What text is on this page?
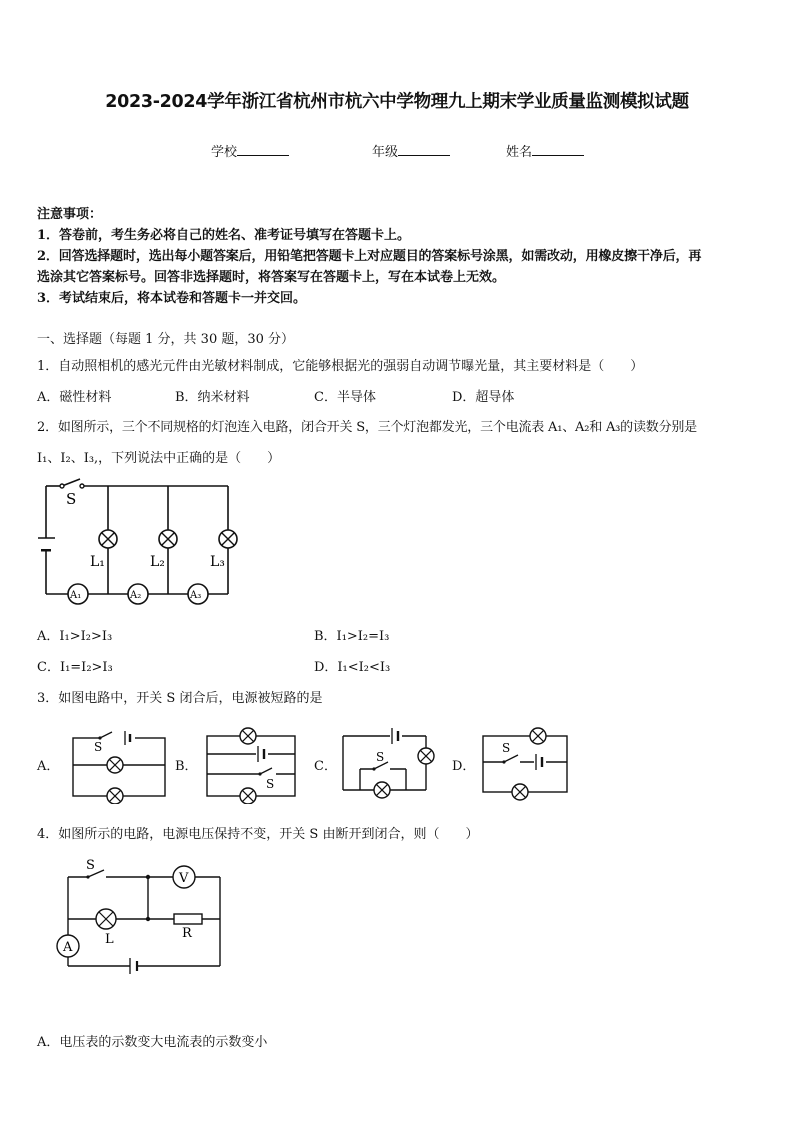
2023-2024学年浙江省杭州市杭六中学物理九上期末学业质量监测模拟试题
学校	年级	姓名
注意事项：
1．答卷前，考生务必将自己的姓名、准考证号填写在答题卡上。
2．回答选择题时，选出每小题答案后，用铅笔把答题卡上对应题目的答案标号涂黑，如需改动，用橡皮擦干净后，再
选涂其它答案标号。回答非选择题时，将答案写在答题卡上，写在本试卷上无效。
3．考试结束后，将本试卷和答题卡一并交回。
一、选择题（每题 1 分，共 30 题，30 分）
1．自动照相机的感光元件由光敏材料制成，它能够根据光的强弱自动调节曝光量，其主要材料是（　　）
A．磁性材料	B．纳米材料	C．半导体	D．超导体
2．如图所示，三个不同规格的灯泡连入电路，闭合开关 S，三个灯泡都发光，三个电流表 A₁、A₂和 A₃的读数分别是
I₁、I₂、I₃,，下列说法中正确的是（　　）
S
L₁	L₂	L₃
A₁	A₂	A₃
A．I₁>I₂>I₃	B．I₁>I₂=I₃
C．I₁=I₂>I₃	D．I₁<I₂<I₃
3．如图电路中，开关 S 闭合后，电源被短路的是
A．
S
B．
S
C．
S
D．
S
4．如图所示的电路，电源电压保持不变，开关 S 由断开到闭合，则（　　）
S
V
A
L	R
A．电压表的示数变大电流表的示数变小
